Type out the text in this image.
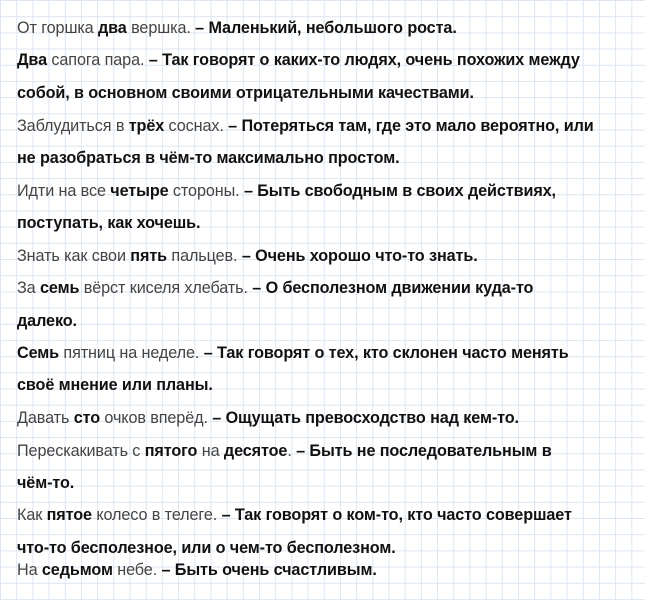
От горшка два вершка. – Маленький, небольшого роста.
Два сапога пара. – Так говорят о каких-то людях, очень похожих между
собой, в основном своими отрицательными качествами.
Заблудиться в трёх соснах. – Потеряться там, где это мало вероятно, или
не разобраться в чём-то максимально простом.
Идти на все четыре стороны. – Быть свободным в своих действиях,
поступать, как хочешь.
Знать как свои пять пальцев. – Очень хорошо что-то знать.
За семь вёрст киселя хлебать. – О бесполезном движении куда-то
далеко.
Семь пятниц на неделе. – Так говорят о тех, кто склонен часто менять
своё мнение или планы.
Давать сто очков вперёд. – Ощущать превосходство над кем-то.
Перескакивать с пятого на десятое. – Быть не последовательным в
чём-то.
Как пятое колесо в телеге. – Так говорят о ком-то, кто часто совершает
что-то бесполезное, или о чем-то бесполезном.
На седьмом небе. – Быть очень счастливым.
